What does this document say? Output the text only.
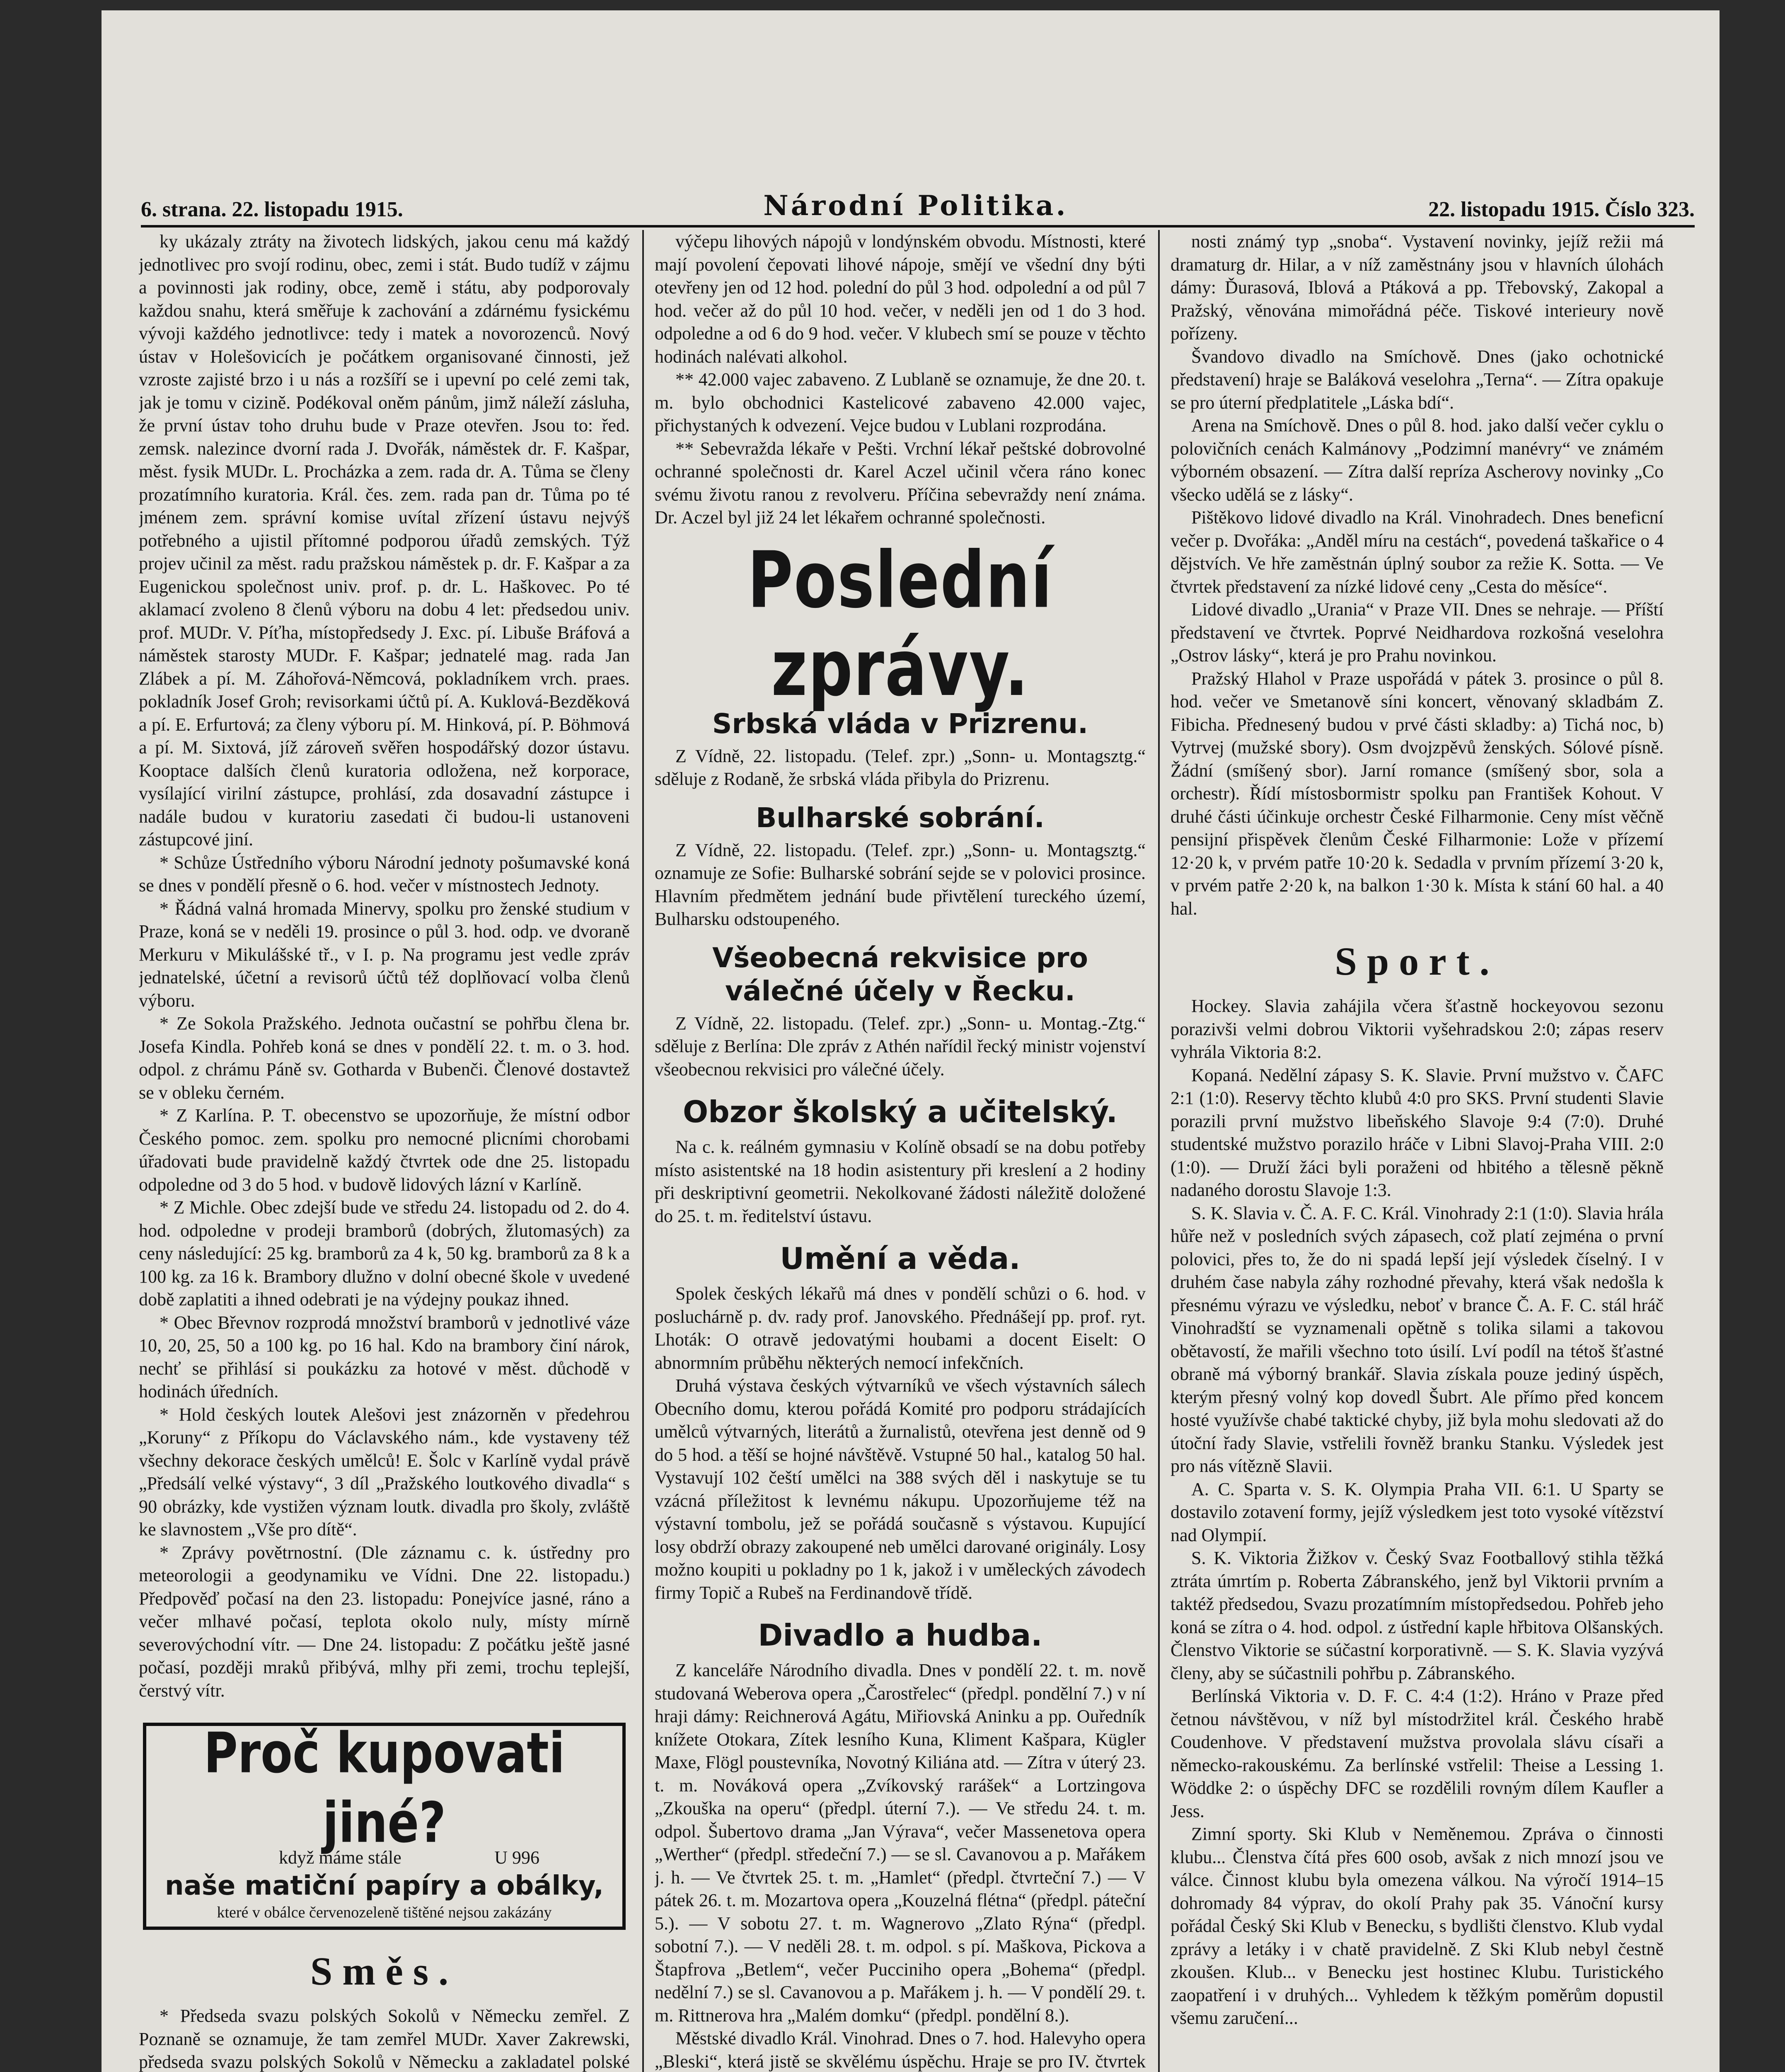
6. strana. 22. listopadu 1915.	Národní Politika.	22. listopadu 1915. Číslo 323.

ky ukázaly ztráty na životech lidských, jakou cenu má každý jednotlivec pro svojí rodinu, obec, zemi i stát. Budo tudíž v zájmu a povinnosti jak rodiny, obce, země i státu, aby podporovaly každou snahu, která směřuje k zachování a zdárnému fysickému vývoji každého jednotlivce: tedy i matek a novorozenců. Nový ústav v Holešovicích je počátkem organisované činnosti, jež vzroste zajisté brzo i u nás a rozšíří se i upevní po celé zemi tak, jak je tomu v cizině. Podékoval oněm pánům, jimž náleží zásluha, že první ústav toho druhu bude v Praze otevřen. Jsou to: řed. zemsk. nalezince dvorní rada J. Dvořák, náměstek dr. F. Kašpar, měst. fysik MUDr. L. Procházka a zem. rada dr. A. Tůma se členy prozatímního kuratoria. Král. čes. zem. rada pan dr. Tůma po té jménem zem. správní komise uvítal zřízení ústavu nejvýš potřebného a ujistil přítomné podporou úřadů zemských. Týž projev učinil za měst. radu pražskou náměstek p. dr. F. Kašpar a za Eugenickou společnost univ. prof. p. dr. L. Haškovec. Po té aklamací zvoleno 8 členů výboru na dobu 4 let: předsedou univ. prof. MUDr. V. Píťha, místopředsedy J. Exc. pí. Libuše Bráfová a náměstek starosty MUDr. F. Kašpar; jednatelé mag. rada Jan Zlábek a pí. M. Záhořová-Němcová, pokladníkem vrch. praes. pokladník Josef Groh; revisorkami účtů pí. A. Kuklová-Bezděková a pí. E. Erfurtová; za členy výboru pí. M. Hinková, pí. P. Böhmová a pí. M. Sixtová, jíž zároveň svěřen hospodářský dozor ústavu. Kooptace dalších členů kuratoria odložena, než korporace, vysílající virilní zástupce, prohlásí, zda dosavadní zástupce i nadále budou v kuratoriu zasedati či budou-li ustanoveni zástupcové jiní.

* Schůze Ústředního výboru Národní jednoty pošumavské koná se dnes v pondělí přesně o 6. hod. večer v místnostech Jednoty.

* Řádná valná hromada Minervy, spolku pro ženské studium v Praze, koná se v neděli 19. prosince o půl 3. hod. odp. ve dvoraně Merkuru v Mikulášské tř., v I. p. Na programu jest vedle zpráv jednatelské, účetní a revisorů účtů též doplňovací volba členů výboru.

* Ze Sokola Pražského. Jednota oučastní se pohřbu člena br. Josefa Kindla. Pohřeb koná se dnes v pondělí 22. t. m. o 3. hod. odpol. z chrámu Páně sv. Gotharda v Bubenči. Členové dostavtež se v obleku černém.

* Z Karlína. P. T. obecenstvo se upozorňuje, že místní odbor Českého pomoc. zem. spolku pro nemocné plicními chorobami úřadovati bude pravidelně každý čtvrtek ode dne 25. listopadu odpoledne od 3 do 5 hod. v budově lidových lázní v Karlíně.

* Z Michle. Obec zdejší bude ve středu 24. listopadu od 2. do 4. hod. odpoledne v prodeji bramborů (dobrých, žlutomasých) za ceny následující: 25 kg. bramborů za 4 k, 50 kg. bramborů za 8 k a 100 kg. za 16 k. Brambory dlužno v dolní obecné škole v uvedené době zaplatiti a ihned odebrati je na výdejny poukaz ihned.

* Obec Břevnov rozprodá množství bramborů v jednotlivé váze 10, 20, 25, 50 a 100 kg. po 16 hal. Kdo na brambory činí nárok, nechť se přihlásí si poukázku za hotové v měst. důchodě v hodinách úředních.

* Hold českých loutek Alešovi jest znázorněn v předehrou „Koruny“ z Příkopu do Václavského nám., kde vystaveny též všechny dekorace českých umělců! E. Šolc v Karlíně vydal právě „Předsálí velké výstavy“, 3 díl „Pražského loutkového divadla“ s 90 obrázky, kde vystižen význam loutk. divadla pro školy, zvláště ke slavnostem „Vše pro dítě“.

* Zprávy povětrnostní. (Dle záznamu c. k. ústředny pro meteorologii a geodynamiku ve Vídni. Dne 22. listopadu.) Předpověď počasí na den 23. listopadu: Ponejvíce jasné, ráno a večer mlhavé počasí, teplota okolo nuly, místy mírně severovýchodní vítr. — Dne 24. listopadu: Z počátku ještě jasné počasí, později mraků přibývá, mlhy při zemi, trochu teplejší, čerstvý vítr.

Proč kupovati jiné?
když máme stále	U 996
naše matiční papíry a obálky,
které v obálce červenozeleně tištěné nejsou zakázány
Směs.

* Předseda svazu polských Sokolů v Německu zemřel. Z Poznaně se oznamuje, že tam zemřel MUDr. Xaver Zakrewski, předseda svazu polských Sokolů v Německu a zakladatel polské

výčepu lihových nápojů v londýnském obvodu. Místnosti, které mají povolení čepovati lihové nápoje, smějí ve všední dny býti otevřeny jen od 12 hod. polední do půl 3 hod. odpolední a od půl 7 hod. večer až do půl 10 hod. večer, v neděli jen od 1 do 3 hod. odpoledne a od 6 do 9 hod. večer. V klubech smí se pouze v těchto hodinách nalévati alkohol.

** 42.000 vajec zabaveno. Z Lublaně se oznamuje, že dne 20. t. m. bylo obchodnici Kastelicové zabaveno 42.000 vajec, přichystaných k odvezení. Vejce budou v Lublani rozprodána.

** Sebevražda lékaře v Pešti. Vrchní lékař peštské dobrovolné ochranné společnosti dr. Karel Aczel učinil včera ráno konec svému životu ranou z revolveru. Příčina sebevraždy není známa. Dr. Aczel byl již 24 let lékařem ochranné společnosti.

Poslední zprávy.
Srbská vláda v Prizrenu.

Z Vídně, 22. listopadu. (Telef. zpr.) „Sonn- u. Montagsztg.“ sděluje z Rodaně, že srbská vláda přibyla do Prizrenu.

Bulharské sobrání.

Z Vídně, 22. listopadu. (Telef. zpr.) „Sonn- u. Montagsztg.“ oznamuje ze Sofie: Bulharské sobrání sejde se v polovici prosince. Hlavním předmětem jednání bude přivtělení tureckého území, Bulharsku odstoupeného.

Všeobecná rekvisice pro válečné účely v Řecku.

Z Vídně, 22. listopadu. (Telef. zpr.) „Sonn- u. Montag.-Ztg.“ sděluje z Berlína: Dle zpráv z Athén nařídil řecký ministr vojenství všeobecnou rekvisici pro válečné účely.

Obzor školský a učitelský.

Na c. k. reálném gymnasiu v Kolíně obsadí se na dobu potřeby místo asistentské na 18 hodin asistentury při kreslení a 2 hodiny při deskriptivní geometrii. Nekolkované žádosti náležitě doložené do 25. t. m. ředitelství ústavu.

Umění a věda.

Spolek českých lékařů má dnes v pondělí schůzi o 6. hod. v posluchárně p. dv. rady prof. Janovského. Přednášejí pp. prof. ryt. Lhoták: O otravě jedovatými houbami a docent Eiselt: O abnormním průběhu některých nemocí infekčních.

Druhá výstava českých výtvarníků ve všech výstavních sálech Obecního domu, kterou pořádá Komité pro podporu strádajících umělců výtvarných, literátů a žurnalistů, otevřena jest denně od 9 do 5 hod. a těší se hojné návštěvě. Vstupné 50 hal., katalog 50 hal. Vystavují 102 čeští umělci na 388 svých děl i naskytuje se tu vzácná příležitost k levnému nákupu. Upozorňujeme též na výstavní tombolu, jež se pořádá současně s výstavou. Kupující losy obdrží obrazy zakoupené neb umělci darované originály. Losy možno koupiti u pokladny po 1 k, jakož i v uměleckých závodech firmy Topič a Rubeš na Ferdinandově třídě.

Divadlo a hudba.

Z kanceláře Národního divadla. Dnes v pondělí 22. t. m. nově studovaná Weberova opera „Čarostřelec“ (předpl. pondělní 7.) v ní hraji dámy: Reichnerová Agátu, Miřiovská Aninku a pp. Ouředník knížete Otokara, Zítek lesního Kuna, Kliment Kašpara, Kügler Maxe, Flögl poustevníka, Novotný Kiliána atd. — Zítra v úterý 23. t. m. Nováková opera „Zvíkovský rarášek“ a Lortzingova „Zkouška na operu“ (předpl. úterní 7.). — Ve středu 24. t. m. odpol. Šubertovo drama „Jan Výrava“, večer Massenetova opera „Werther“ (předpl. středeční 7.) — se sl. Cavanovou a p. Mařákem j. h. — Ve čtvrtek 25. t. m. „Hamlet“ (předpl. čtvrteční 7.) — V pátek 26. t. m. Mozartova opera „Kouzelná flétna“ (předpl. páteční 5.). — V sobotu 27. t. m. Wagnerovo „Zlato Rýna“ (předpl. sobotní 7.). — V neděli 28. t. m. odpol. s pí. Maškova, Pickova a Štapfrova „Betlem“, večer Pucciniho opera „Bohema“ (předpl. nedělní 7.) se sl. Cavanovou a p. Mařákem j. h. — V pondělí 29. t. m. Rittnerova hra „Malém domku“ (předpl. pondělní 8.).

Městské divadlo Král. Vinohrad. Dnes o 7. hod. Halevyho opera „Bleski“, která jistě se skvělému úspěchu. Hraje se pro IV. čtvrtek

nosti známý typ „snoba“. Vystavení novinky, jejíž režii má dramaturg dr. Hilar, a v níž zaměstnány jsou v hlavních úlohách dámy: Ďurasová, Iblová a Ptáková a pp. Třebovský, Zakopal a Pražský, věnována mimořádná péče. Tiskové interieury nově pořízeny.

Švandovo divadlo na Smíchově. Dnes (jako ochotnické představení) hraje se Baláková veselohra „Terna“. — Zítra opakuje se pro úterní předplatitele „Láska bdí“.

Arena na Smíchově. Dnes o půl 8. hod. jako další večer cyklu o polovičních cenách Kalmánovy „Podzimní manévry“ ve známém výborném obsazení. — Zítra další repríza Ascherovy novinky „Co všecko udělá se z lásky“.

Pištěkovo lidové divadlo na Král. Vinohradech. Dnes beneficní večer p. Dvořáka: „Anděl míru na cestách“, povedená taškařice o 4 dějstvích. Ve hře zaměstnán úplný soubor za režie K. Sotta. — Ve čtvrtek představení za nízké lidové ceny „Cesta do měsíce“.

Lidové divadlo „Urania“ v Praze VII. Dnes se nehraje. — Příští představení ve čtvrtek. Poprvé Neidhardova rozkošná veselohra „Ostrov lásky“, která je pro Prahu novinkou.

Pražský Hlahol v Praze uspořádá v pátek 3. prosince o půl 8. hod. večer ve Smetanově síni koncert, věnovaný skladbám Z. Fibicha. Přednesený budou v prvé části skladby: a) Tichá noc, b) Vytrvej (mužské sbory). Osm dvojzpěvů ženských. Sólové písně. Žádní (smíšený sbor). Jarní romance (smíšený sbor, sola a orchestr). Řídí místosbormistr spolku pan František Kohout. V druhé části účinkuje orchestr České Filharmonie. Ceny míst věčně pensijní přispěvek členům České Filharmonie: Lože v přízemí 12·20 k, v prvém patře 10·20 k. Sedadla v prvním přízemí 3·20 k, v prvém patře 2·20 k, na balkon 1·30 k. Místa k stání 60 hal. a 40 hal.

Sport.

Hockey. Slavia zahájila včera šťastně hockeyovou sezonu porazivši velmi dobrou Viktorii vyšehradskou 2:0; zápas reserv vyhrála Viktoria 8:2.

Kopaná. Nedělní zápasy S. K. Slavie. První mužstvo v. ČAFC 2:1 (1:0). Reservy těchto klubů 4:0 pro SKS. První studenti Slavie porazili první mužstvo libeňského Slavoje 9:4 (7:0). Druhé studentské mužstvo porazilo hráče v Libni Slavoj-Praha VIII. 2:0 (1:0). — Druží žáci byli poraženi od hbitého a tělesně pěkně nadaného dorostu Slavoje 1:3.

S. K. Slavia v. Č. A. F. C. Král. Vinohrady 2:1 (1:0). Slavia hrála hůře než v posledních svých zápasech, což platí zejména o první polovici, přes to, že do ni spadá lepší její výsledek číselný. I v druhém čase nabyla záhy rozhodné převahy, která však nedošla k přesnému výrazu ve výsledku, neboť v brance Č. A. F. C. stál hráč Vinohradští se vyznamenali opětně s tolika silami a takovou obětavostí, že mařili všechno toto úsilí. Lví podíl na tétoš šťastné obraně má výborný brankář. Slavia získala pouze jediný úspěch, kterým přesný volný kop dovedl Šubrt. Ale přímo před koncem hosté využívše chabé taktické chyby, již byla mohu sledovati až do útoční řady Slavie, vstřelili řovněž branku Stanku. Výsledek jest pro nás vítězně Slavii.

A. C. Sparta v. S. K. Olympia Praha VII. 6:1. U Sparty se dostavilo zotavení formy, jejíž výsledkem jest toto vysoké vítězství nad Olympií.

S. K. Viktoria Žižkov v. Český Svaz Footballový stihla těžká ztráta úmrtím p. Roberta Zábranského, jenž byl Viktorii prvním a taktéž předsedou, Svazu prozatímním místopředsedou. Pohřeb jeho koná se zítra o 4. hod. odpol. z ústřední kaple hřbitova Olšanských. Členstvo Viktorie se súčastní korporativně. — S. K. Slavia vyzývá členy, aby se súčastnili pohřbu p. Zábranského.

Berlínská Viktoria v. D. F. C. 4:4 (1:2). Hráno v Praze před četnou návštěvou, v níž byl místodržitel král. Českého hrabě Coudenhove. V představení mužstva provolala slávu císaři a německo-rakouskému. Za berlínské vstřelil: Theise a Lessing 1. Wöddke 2: o úspěchy DFC se rozdělili rovným dílem Kaufler a Jess.

Zimní sporty. Ski Klub v Neměnemou. Zpráva o činnosti klubu... Členstva čítá přes 600 osob, avšak z nich mnozí jsou ve válce. Činnost klubu byla omezena válkou. Na výročí 1914–15 dohromady 84 výprav, do okolí Prahy pak 35. Vánoční kursy pořádal Český Ski Klub v Benecku, s bydlišti členstvo. Klub vydal zprávy a letáky i v chatě pravidelně. Z Ski Klub nebyl čestně zkoušen. Klub... v Benecku jest hostinec Klubu. Turistického zaopatření i v druhých... Vyhledem k těžkým poměrům dopustil všemu zaručení...
